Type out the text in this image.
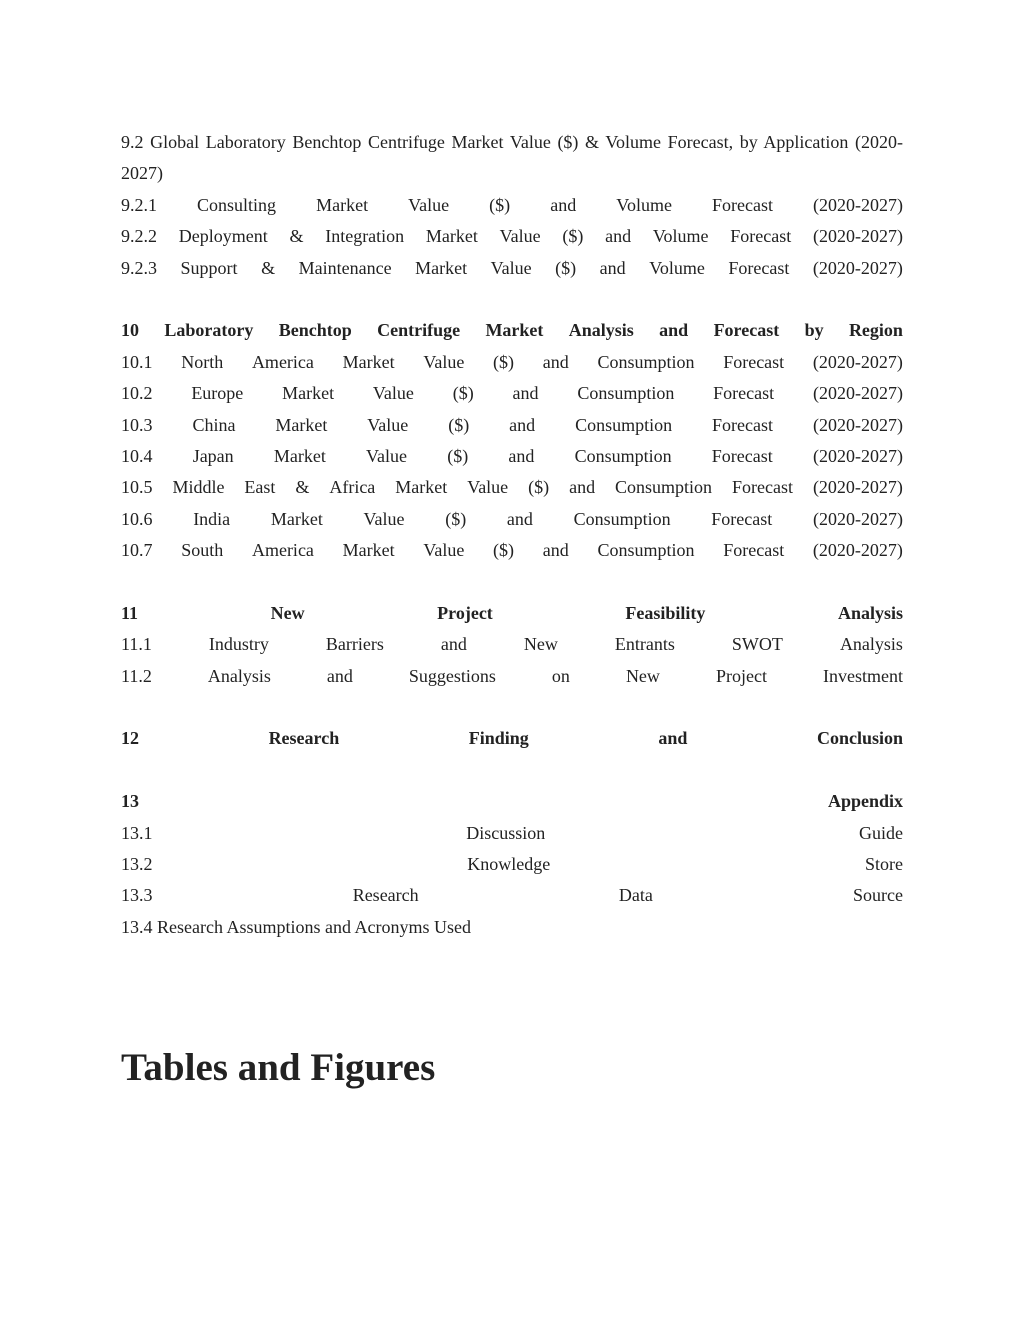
9.2 Global Laboratory Benchtop Centrifuge Market Value ($) & Volume Forecast, by Application (2020-2027)
9.2.1 Consulting Market Value ($) and Volume Forecast (2020-2027)
9.2.2 Deployment & Integration Market Value ($) and Volume Forecast (2020-2027)
9.2.3 Support & Maintenance Market Value ($) and Volume Forecast (2020-2027)
10 Laboratory Benchtop Centrifuge Market Analysis and Forecast by Region
10.1 North America Market Value ($) and Consumption Forecast (2020-2027)
10.2 Europe Market Value ($) and Consumption Forecast (2020-2027)
10.3 China Market Value ($) and Consumption Forecast (2020-2027)
10.4 Japan Market Value ($) and Consumption Forecast (2020-2027)
10.5 Middle East & Africa Market Value ($) and Consumption Forecast (2020-2027)
10.6 India Market Value ($) and Consumption Forecast (2020-2027)
10.7 South America Market Value ($) and Consumption Forecast (2020-2027)
11	New	Project	Feasibility	Analysis
11.1	Industry	Barriers	and	New	Entrants	SWOT	Analysis
11.2	Analysis	and	Suggestions	on	New	Project	Investment
12	Research	Finding	and	Conclusion
13	Appendix
13.1	Discussion	Guide
13.2	Knowledge	Store
13.3	Research	Data	Source
13.4 Research Assumptions and Acronyms Used
Tables and Figures
